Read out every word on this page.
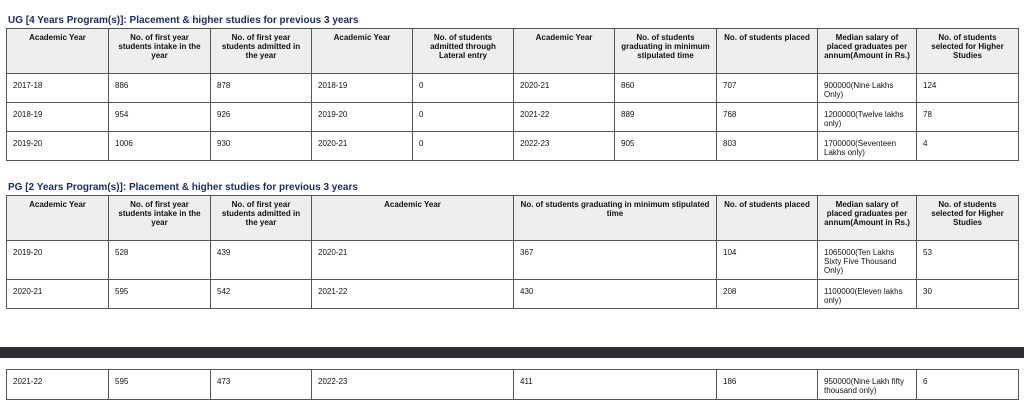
UG [4 Years Program(s)]: Placement & higher studies for previous 3 years
Academic Year	No. of first year students intake in the year	No. of first year students admitted in the year	Academic Year	No. of students admitted through Lateral entry	Academic Year	No. of students graduating in minimum stipulated time	No. of students placed	Median salary of placed graduates per annum(Amount in Rs.)	No. of students selected for Higher Studies
2017-18	886	878	2018-19	0	2020-21	860	707	900000(Nine Lakhs Only)	124
2018-19	954	926	2019-20	0	2021-22	889	768	1200000(Twelve lakhs only)	78
2019-20	1006	930	2020-21	0	2022-23	905	803	1700000(Seventeen Lakhs only)	4
PG [2 Years Program(s)]: Placement & higher studies for previous 3 years
Academic Year	No. of first year students intake in the year	No. of first year students admitted in the year	Academic Year	No. of students graduating in minimum stipulated time	No. of students placed	Median salary of placed graduates per annum(Amount in Rs.)	No. of students selected for Higher Studies
2019-20	528	439	2020-21	367	104	1065000(Ten Lakhs Sixty Five Thousand Only)	53
2020-21	595	542	2021-22	430	208	1100000(Eleven lakhs only)	30
2021-22	595	473	2022-23	411	186	950000(Nine Lakh fifty thousand only)	6
